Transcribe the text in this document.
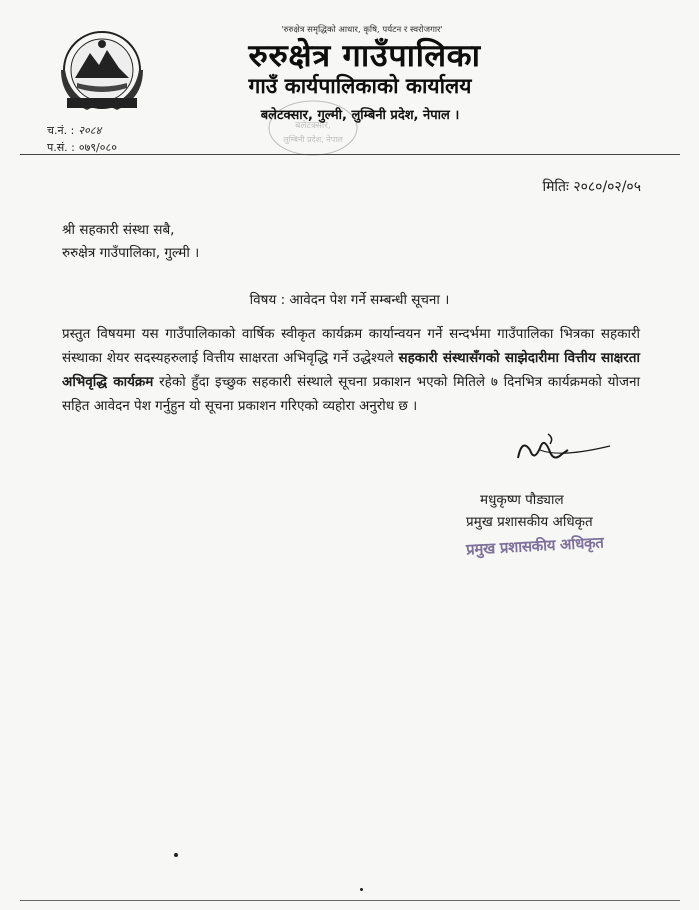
'रुरुक्षेत्र समृद्धिको आधार, कृषि, पर्यटन र स्वरोजगार'
रुरुक्षेत्र गाउँपालिका
गाउँ कार्यपालिकाको कार्यालय
बलेटक्सार, गुल्मी, लुम्बिनी प्रदेश, नेपाल ।
बलेटक्सार,
लुम्बिनी प्रदेश, नेपाल
च.नं. : २०८४
प.सं. : ०७९/०८०
मितिः २०८०/०२/०५
श्री सहकारी संस्था सबै,
रुरुक्षेत्र गाउँपालिका, गुल्मी ।
विषय : आवेदन पेश गर्ने सम्बन्धी सूचना ।
प्रस्तुत विषयमा यस गाउँपालिकाको वार्षिक स्वीकृत कार्यक्रम कार्यान्वयन गर्ने सन्दर्भमा गाउँपालिका भित्रका सहकारी संस्थाका शेयर सदस्यहरुलाई वित्तीय साक्षरता अभिवृद्धि गर्ने उद्धेश्यले सहकारी संस्थासँगको साझेदारीमा वित्तीय साक्षरता अभिवृद्धि कार्यक्रम रहेको हुँदा इच्छुक सहकारी संस्थाले सूचना प्रकाशन भएको मितिले ७ दिनभित्र कार्यक्रमको योजना सहित आवेदन पेश गर्नुहुन यो सूचना प्रकाशन गरिएको व्यहोरा अनुरोध छ ।
मधुकृष्ण पौड्याल
प्रमुख प्रशासकीय अधिकृत
प्रमुख प्रशासकीय अधिकृत
